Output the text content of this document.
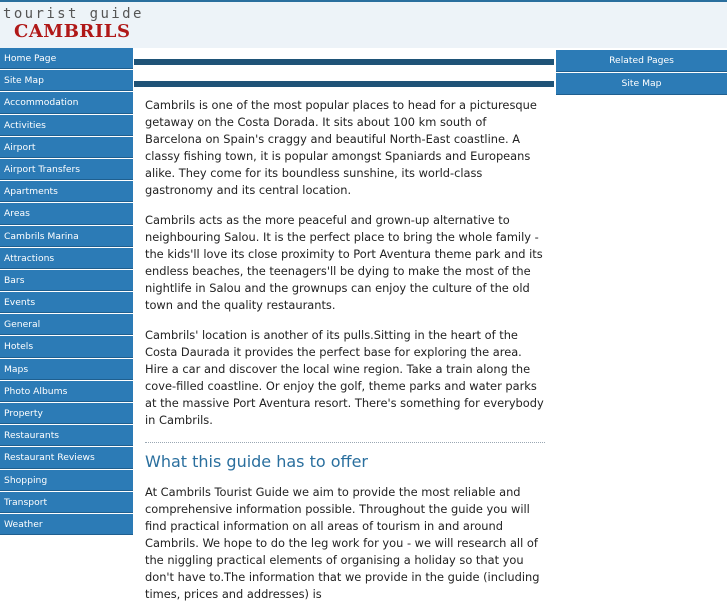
tourist guide
CAMBRILS
Home Page
Site Map
Accommodation
Activities
Airport
Airport Transfers
Apartments
Areas
Cambrils Marina
Attractions
Bars
Events
General
Hotels
Maps
Photo Albums
Property
Restaurants
Restaurant Reviews
Shopping
Transport
Weather
Related Pages
Site Map

Cambrils is one of the most popular places to head for a picturesque getaway on the Costa Dorada. It sits about 100 km south of Barcelona on Spain's craggy and beautiful North-East coastline. A classy fishing town, it is popular amongst Spaniards and Europeans alike. They come for its boundless sunshine, its world-class gastronomy and its central location.

Cambrils acts as the more peaceful and grown-up alternative to neighbouring Salou. It is the perfect place to bring the whole family - the kids'll love its close proximity to Port Aventura theme park and its endless beaches, the teenagers'll be dying to make the most of the nightlife in Salou and the grownups can enjoy the culture of the old town and the quality restaurants.

Cambrils' location is another of its pulls.Sitting in the heart of the Costa Daurada it provides the perfect base for exploring the area. Hire a car and discover the local wine region. Take a train along the cove-filled coastline. Or enjoy the golf, theme parks and water parks at the massive Port Aventura resort. There's something for everybody in Cambrils.

What this guide has to offer

At Cambrils Tourist Guide we aim to provide the most reliable and comprehensive information possible. Throughout the guide you will find practical information on all areas of tourism in and around Cambrils. We hope to do the leg work for you - we will research all of the niggling practical elements of organising a holiday so that you don't have to.The information that we provide in the guide (including times, prices and addresses) is
